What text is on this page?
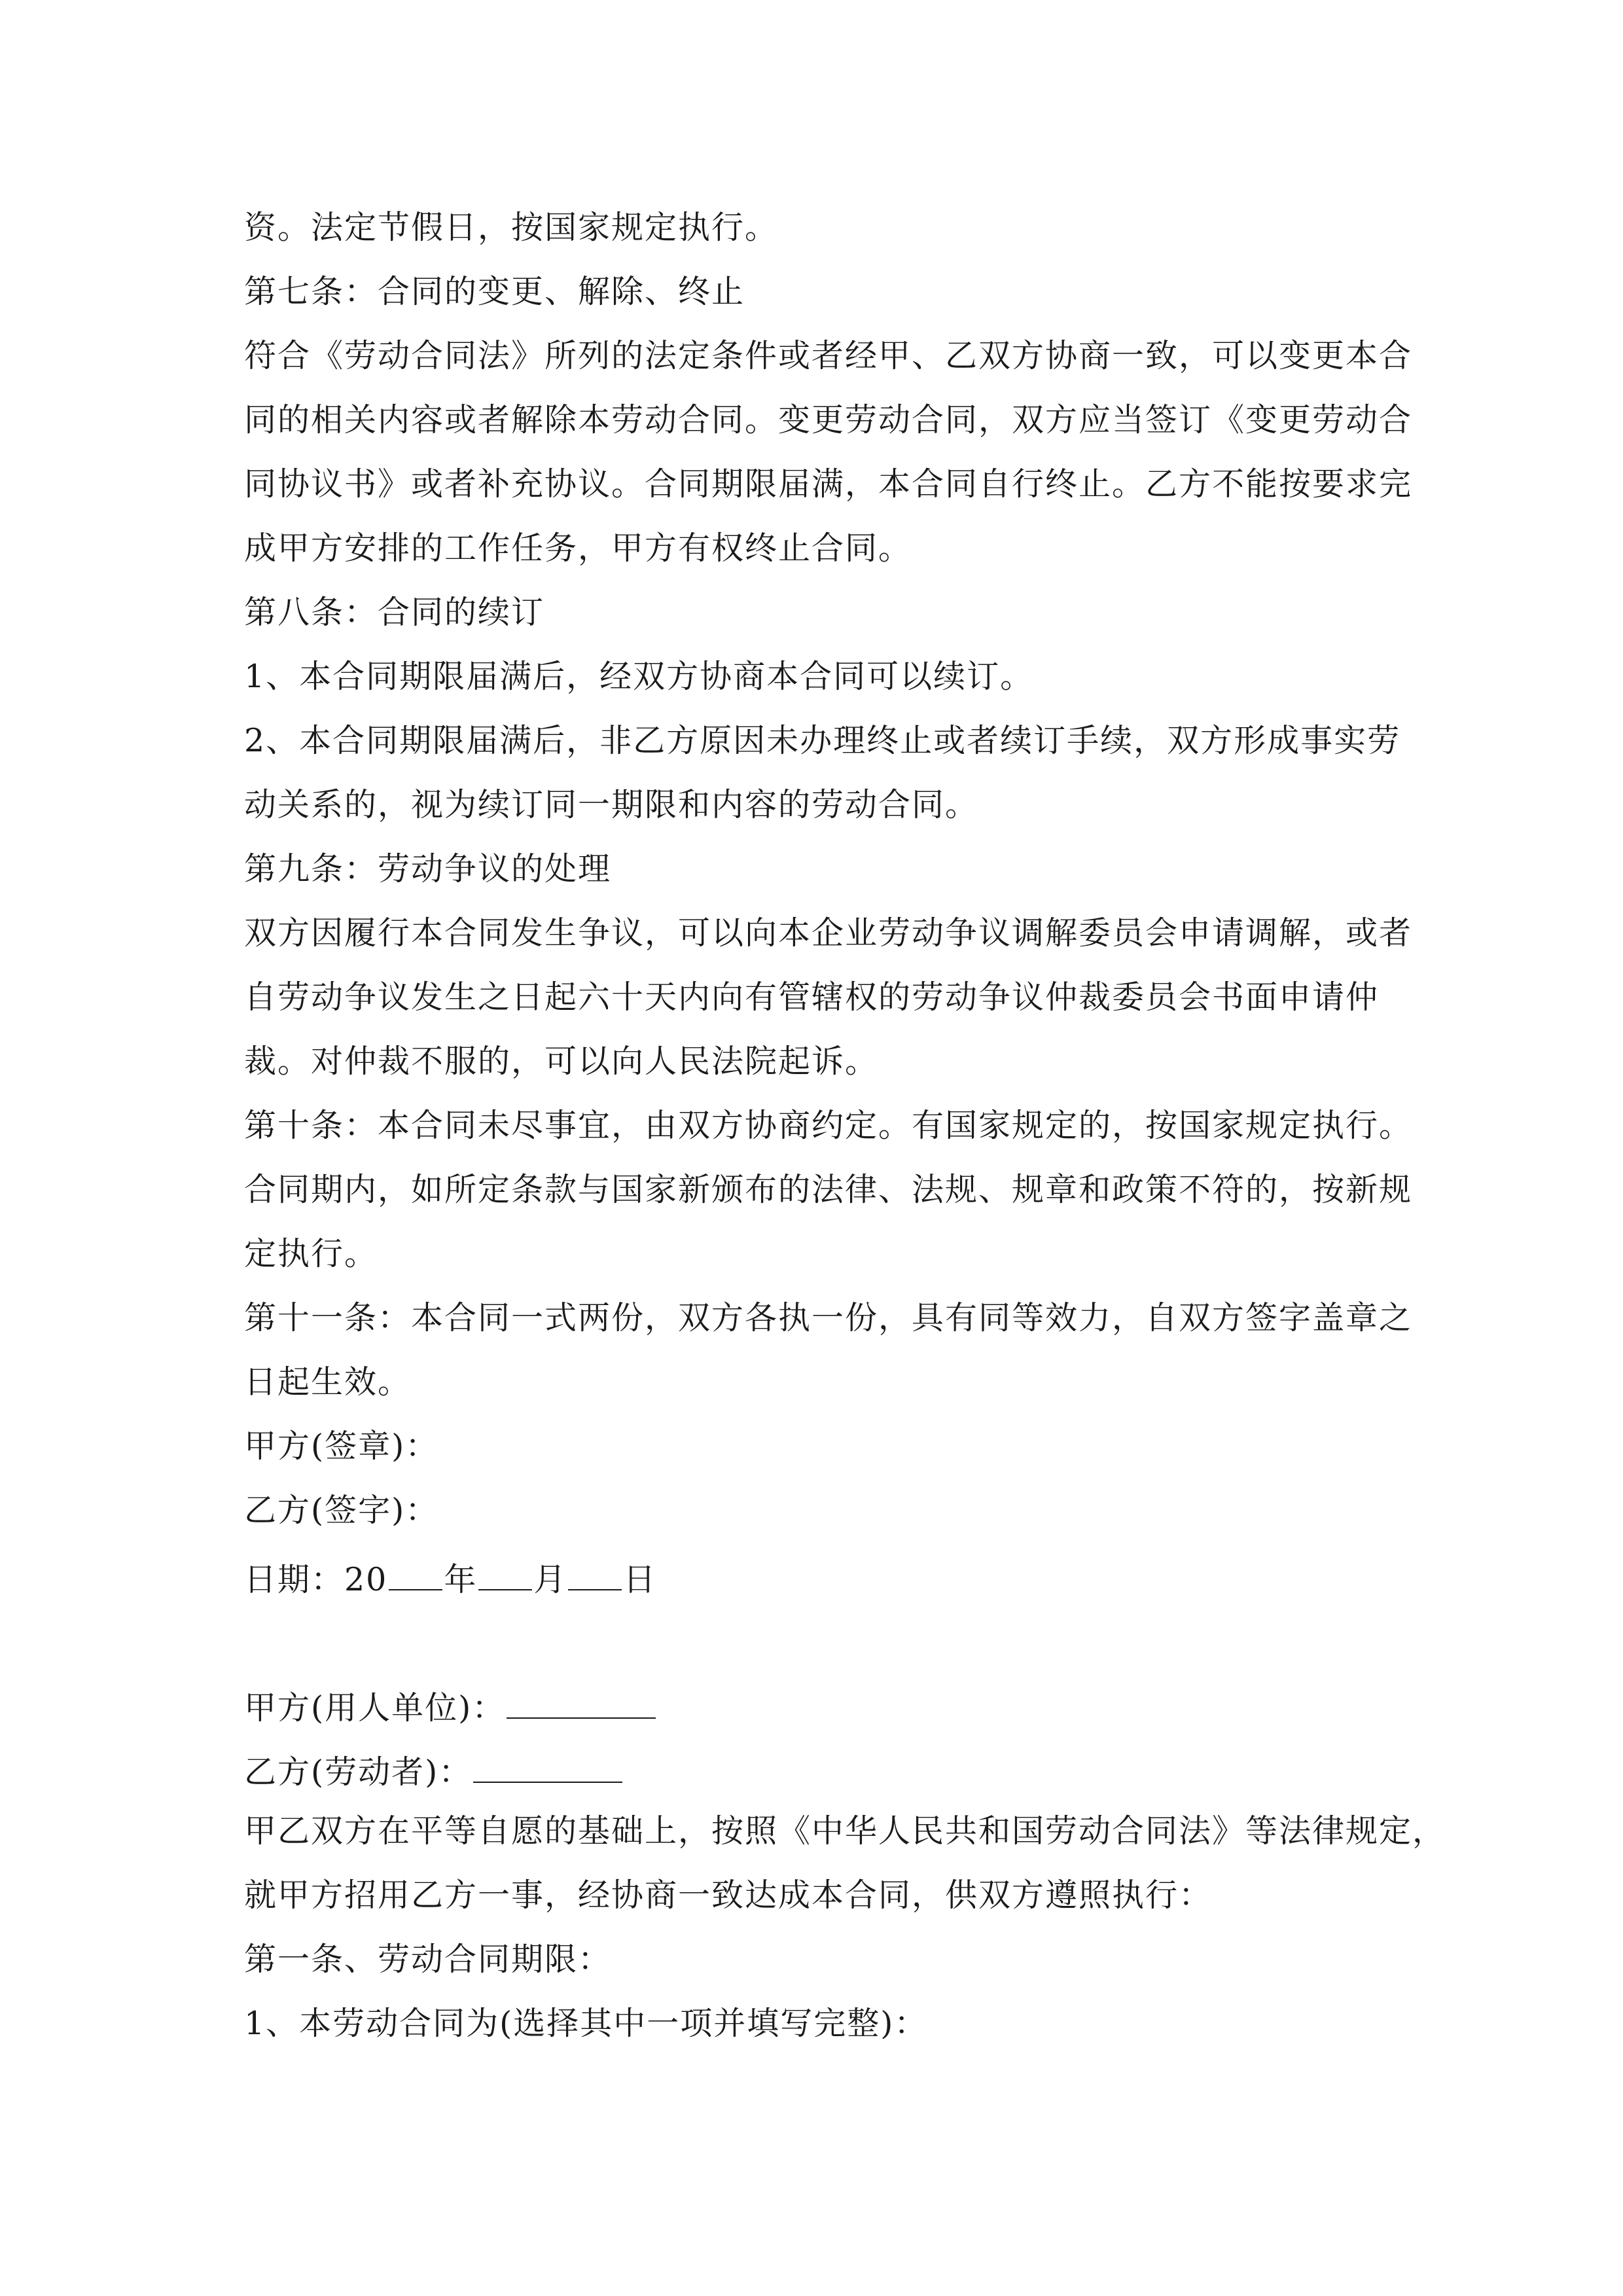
资。法定节假日，按国家规定执行。

第七条：合同的变更、解除、终止

符合《劳动合同法》所列的法定条件或者经甲、乙双方协商一致，可以变更本合

同的相关内容或者解除本劳动合同。变更劳动合同，双方应当签订《变更劳动合

同协议书》或者补充协议。合同期限届满，本合同自行终止。乙方不能按要求完

成甲方安排的工作任务，甲方有权终止合同。

第八条：合同的续订

1、本合同期限届满后，经双方协商本合同可以续订。

2、本合同期限届满后，非乙方原因未办理终止或者续订手续，双方形成事实劳

动关系的，视为续订同一期限和内容的劳动合同。

第九条：劳动争议的处理

双方因履行本合同发生争议，可以向本企业劳动争议调解委员会申请调解，或者

自劳动争议发生之日起六十天内向有管辖权的劳动争议仲裁委员会书面申请仲

裁。对仲裁不服的，可以向人民法院起诉。

第十条：本合同未尽事宜，由双方协商约定。有国家规定的，按国家规定执行。

合同期内，如所定条款与国家新颁布的法律、法规、规章和政策不符的，按新规

定执行。

第十一条：本合同一式两份，双方各执一份，具有同等效力，自双方签字盖章之

日起生效。

甲方(签章)：

乙方(签字)：

日期：20 年 月 日

甲方(用人单位)：

乙方(劳动者)：

甲乙双方在平等自愿的基础上，按照《中华人民共和国劳动合同法》等法律规定，

就甲方招用乙方一事，经协商一致达成本合同，供双方遵照执行：

第一条、劳动合同期限：

1、本劳动合同为(选择其中一项并填写完整)：
